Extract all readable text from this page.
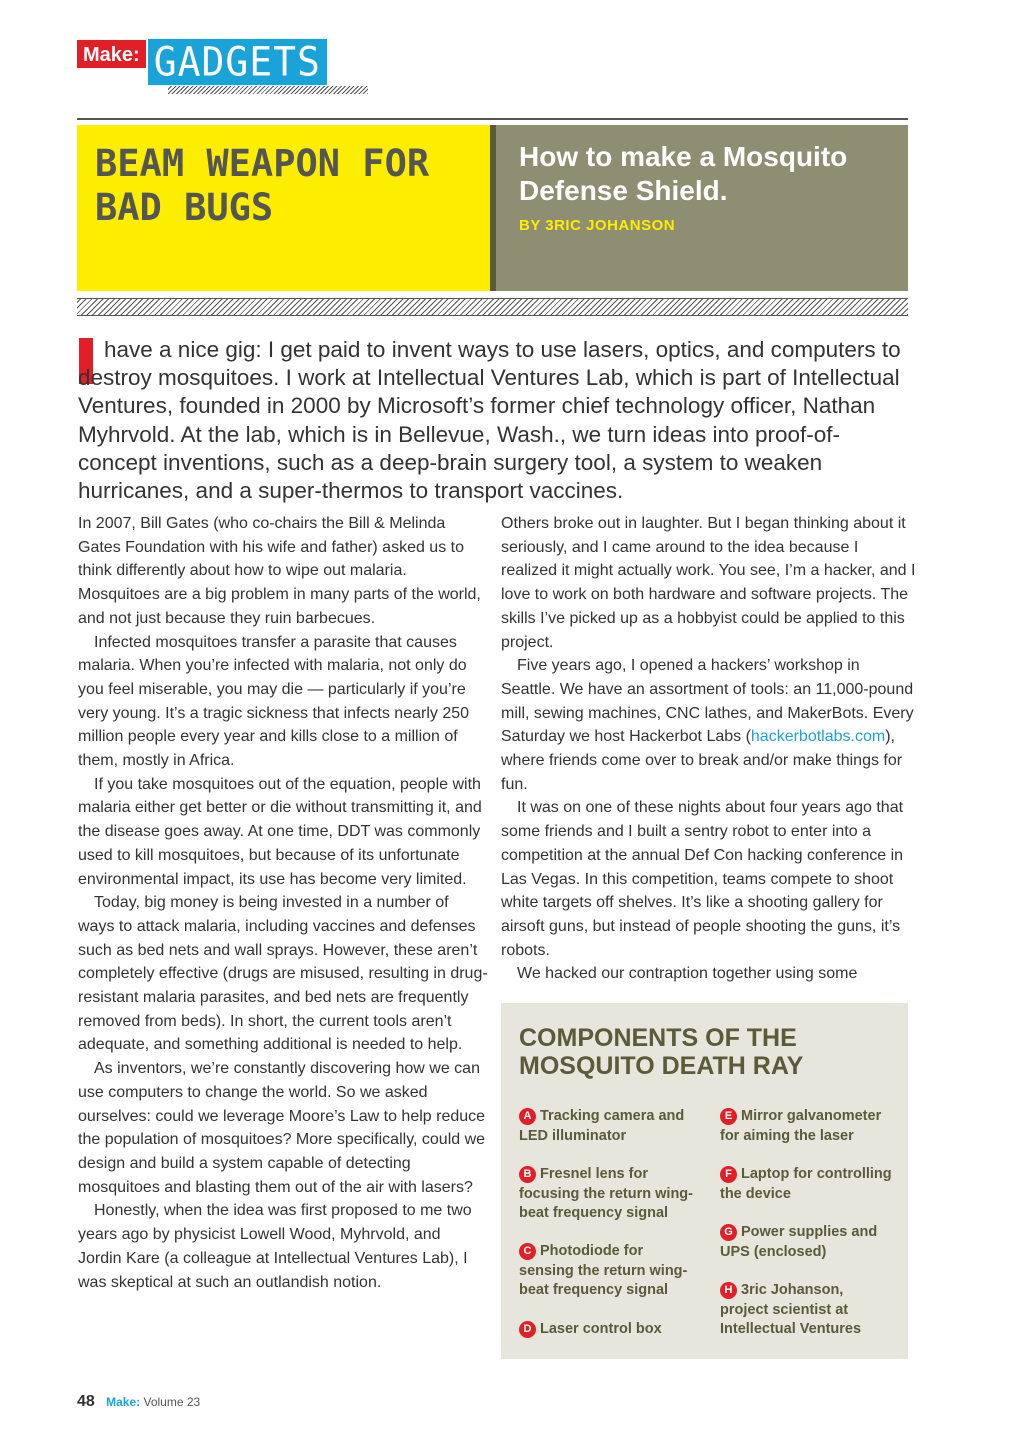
Make: GADGETS
BEAM WEAPON FOR BAD BUGS
How to make a Mosquito Defense Shield.
BY 3RIC JOHANSON

have a nice gig: I get paid to invent ways to use lasers, optics, and computers to destroy mosquitoes. I work at Intellectual Ventures Lab, which is part of Intellectual Ventures, founded in 2000 by Microsoft’s former chief technology officer, Nathan Myhrvold. At the lab, which is in Bellevue, Wash., we turn ideas into proof-of-concept inventions, such as a deep-brain surgery tool, a system to weaken hurricanes, and a super-thermos to transport vaccines.

In 2007, Bill Gates (who co-chairs the Bill & Melinda Gates Foundation with his wife and father) asked us to think differently about how to wipe out malaria. Mosquitoes are a big problem in many parts of the world, and not just because they ruin barbecues.

Infected mosquitoes transfer a parasite that causes malaria. When you’re infected with malaria, not only do you feel miserable, you may die — particularly if you’re very young. It’s a tragic sickness that infects nearly 250 million people every year and kills close to a million of them, mostly in Africa.

If you take mosquitoes out of the equation, people with malaria either get better or die without transmitting it, and the disease goes away. At one time, DDT was commonly used to kill mosquitoes, but because of its unfortunate environmental impact, its use has become very limited.

Today, big money is being invested in a number of ways to attack malaria, including vaccines and defenses such as bed nets and wall sprays. However, these aren’t completely effective (drugs are misused, resulting in drug-resistant malaria parasites, and bed nets are frequently removed from beds). In short, the current tools aren’t adequate, and something additional is needed to help.

As inventors, we’re constantly discovering how we can use computers to change the world. So we asked ourselves: could we leverage Moore’s Law to help reduce the population of mosquitoes? More specifically, could we design and build a system capable of detecting mosquitoes and blasting them out of the air with lasers?

Honestly, when the idea was first proposed to me two years ago by physicist Lowell Wood, Myhrvold, and Jordin Kare (a colleague at Intellectual Ventures Lab), I was skeptical at such an outlandish notion.

Others broke out in laughter. But I began thinking about it seriously, and I came around to the idea because I realized it might actually work. You see, I’m a hacker, and I love to work on both hardware and software projects. The skills I’ve picked up as a hobbyist could be applied to this project.

Five years ago, I opened a hackers’ workshop in Seattle. We have an assortment of tools: an 11,000-pound mill, sewing machines, CNC lathes, and MakerBots. Every Saturday we host Hackerbot Labs (hackerbotlabs.com), where friends come over to break and/or make things for fun.

It was on one of these nights about four years ago that some friends and I built a sentry robot to enter into a competition at the annual Def Con hacking conference in Las Vegas. In this competition, teams compete to shoot white targets off shelves. It’s like a shooting gallery for airsoft guns, but instead of people shooting the guns, it’s robots.

We hacked our contraption together using some

COMPONENTS OF THE MOSQUITO DEATH RAY
A Tracking camera and LED illuminator
B Fresnel lens for focusing the return wing-beat frequency signal
C Photodiode for sensing the return wing-beat frequency signal
D Laser control box
E Mirror galvanometer for aiming the laser
F Laptop for controlling the device
G Power supplies and UPS (enclosed)
H 3ric Johanson, project scientist at Intellectual Ventures
48 Make: Volume 23
